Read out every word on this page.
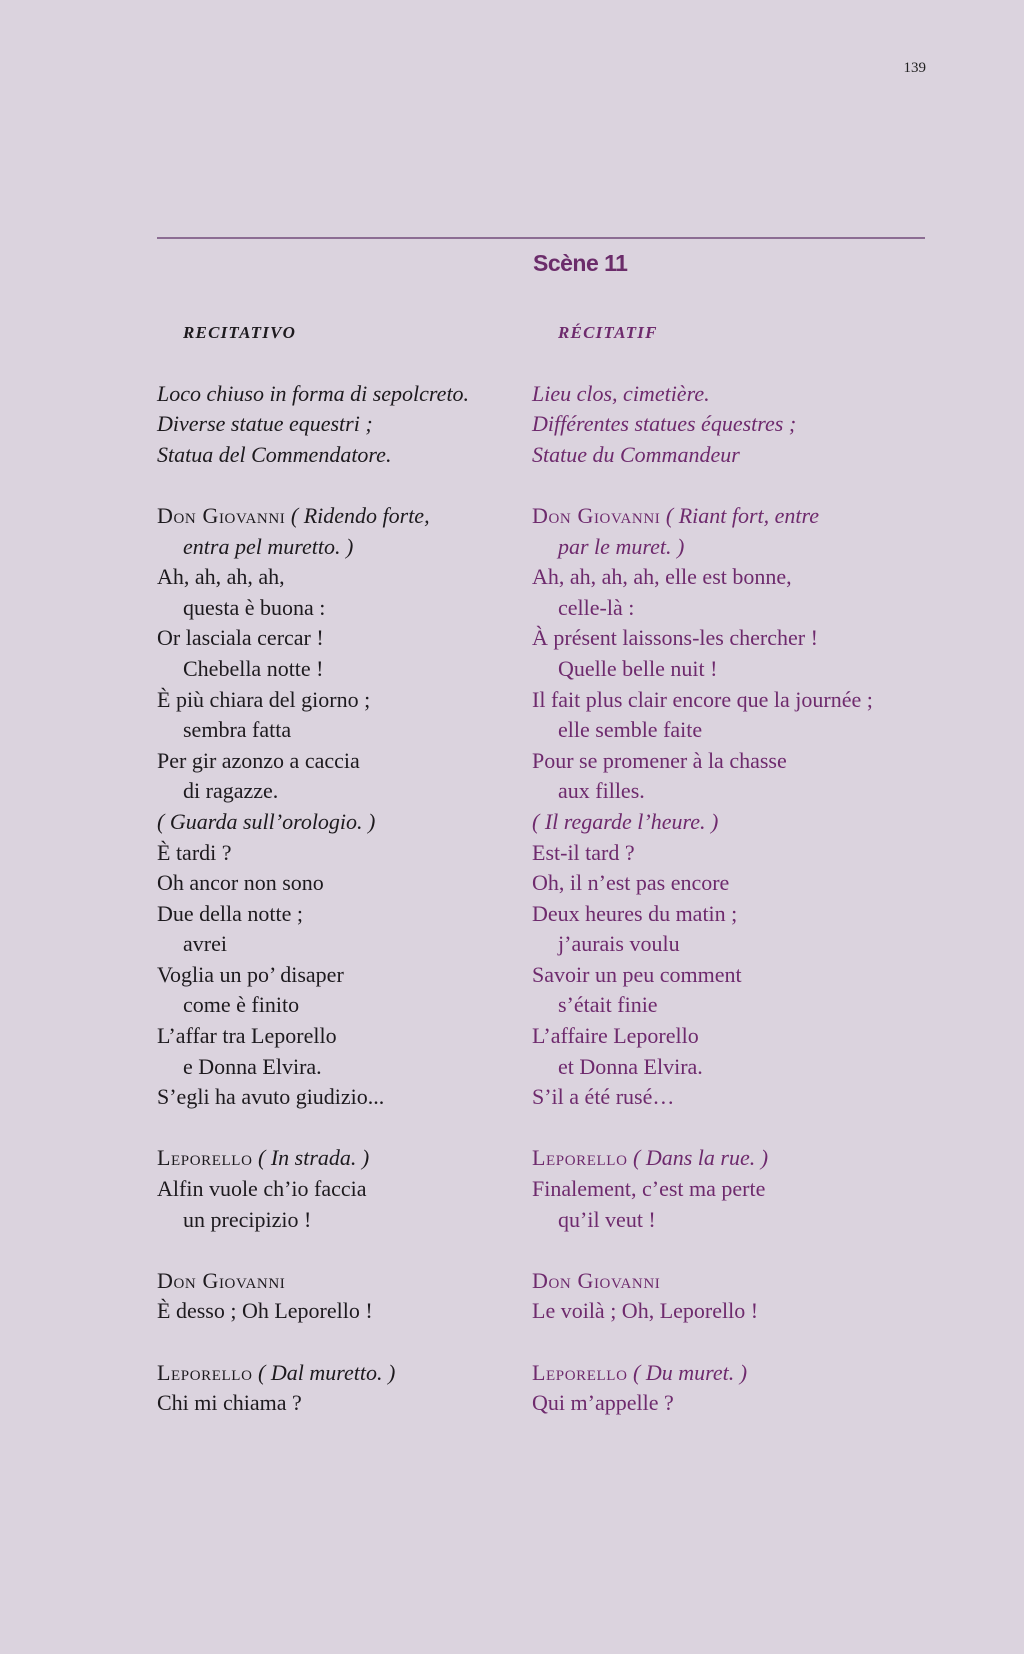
139
Scène 11
RECITATIVO
Loco chiuso in forma di sepolcreto.
Diverse statue equestri ;
Statua del Commendatore.
Don Giovanni ( Ridendo forte,
entra pel muretto. )
Ah, ah, ah, ah,
questa è buona :
Or lasciala cercar !
Chebella notte !
È più chiara del giorno ;
sembra fatta
Per gir azonzo a caccia
di ragazze.
( Guarda sull’orologio. )
È tardi ?
Oh ancor non sono
Due della notte ;
avrei
Voglia un po’ disaper
come è finito
L’affar tra Leporello
e Donna Elvira.
S’egli ha avuto giudizio...
Leporello ( In strada. )
Alfin vuole ch’io faccia
un precipizio !
Don Giovanni
È desso ; Oh Leporello !
Leporello ( Dal muretto. )
Chi mi chiama ?
RÉCITATIF
Lieu clos, cimetière.
Différentes statues équestres ;
Statue du Commandeur
Don Giovanni ( Riant fort, entre
par le muret. )
Ah, ah, ah, ah, elle est bonne,
celle-là :
À présent laissons-les chercher !
Quelle belle nuit !
Il fait plus clair encore que la journée ;
elle semble faite
Pour se promener à la chasse
aux filles.
( Il regarde l’heure. )
Est-il tard ?
Oh, il n’est pas encore
Deux heures du matin ;
j’aurais voulu
Savoir un peu comment
s’était finie
L’affaire Leporello
et Donna Elvira.
S’il a été rusé…
Leporello ( Dans la rue. )
Finalement, c’est ma perte
qu’il veut !
Don Giovanni
Le voilà ; Oh, Leporello !
Leporello ( Du muret. )
Qui m’appelle ?
